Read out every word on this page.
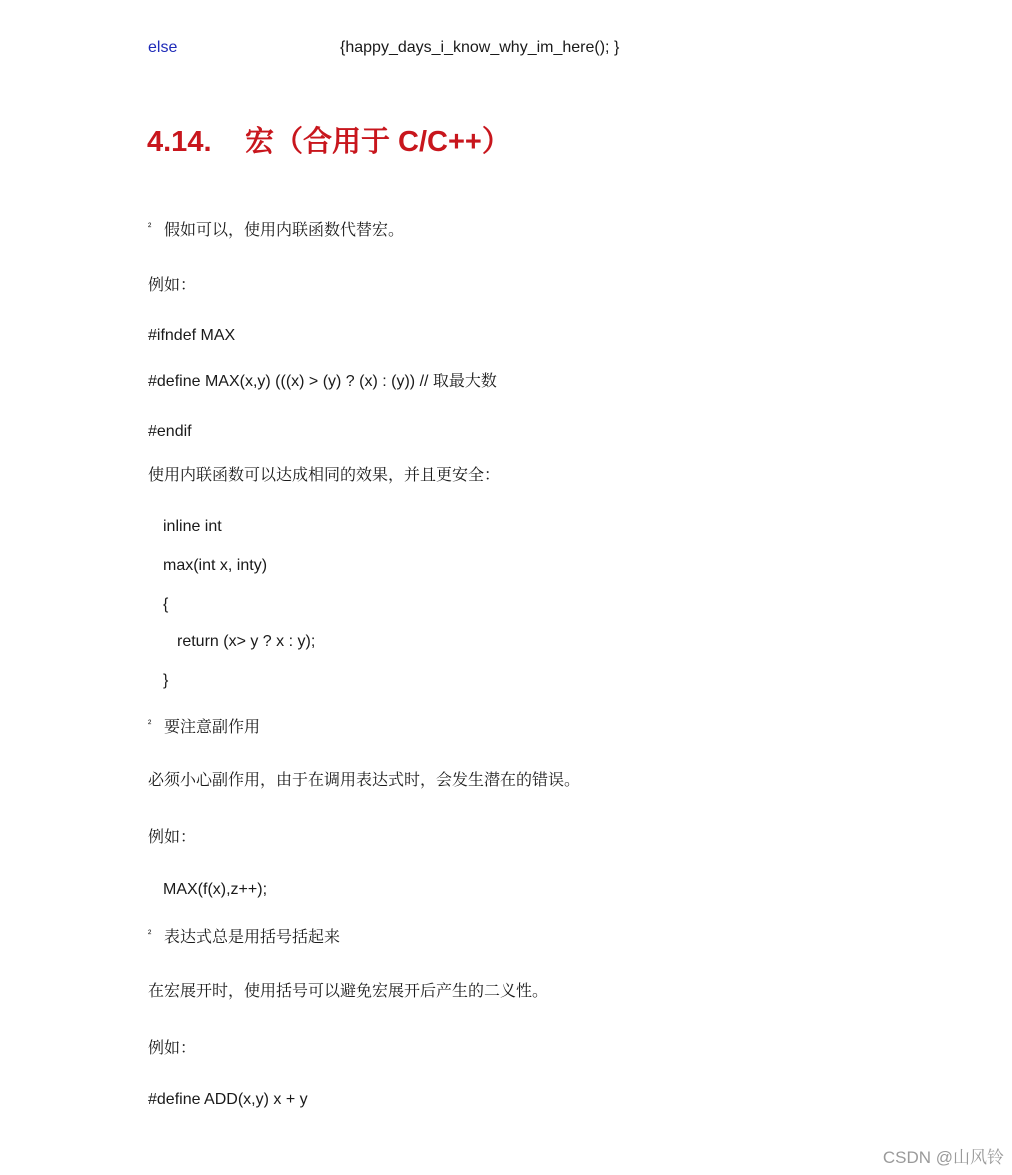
else	{happy_days_i_know_why_im_here(); }
4.14. 宏（合用于 C/C++）
² 假如可以，使用内联函数代替宏。
例如：
#ifndef MAX
#define MAX(x,y) (((x) > (y) ? (x) : (y)) // 取最大数
#endif
使用内联函数可以达成相同的效果，并且更安全：
inline int
max(int x, inty)
{
return (x> y ? x : y);
}
² 要注意副作用
必须小心副作用，由于在调用表达式时，会发生潜在的错误。
例如：
MAX(f(x),z++);
² 表达式总是用括号括起来
在宏展开时，使用括号可以避免宏展开后产生的二义性。
例如：
#define ADD(x,y) x + y
CSDN @山风铃
